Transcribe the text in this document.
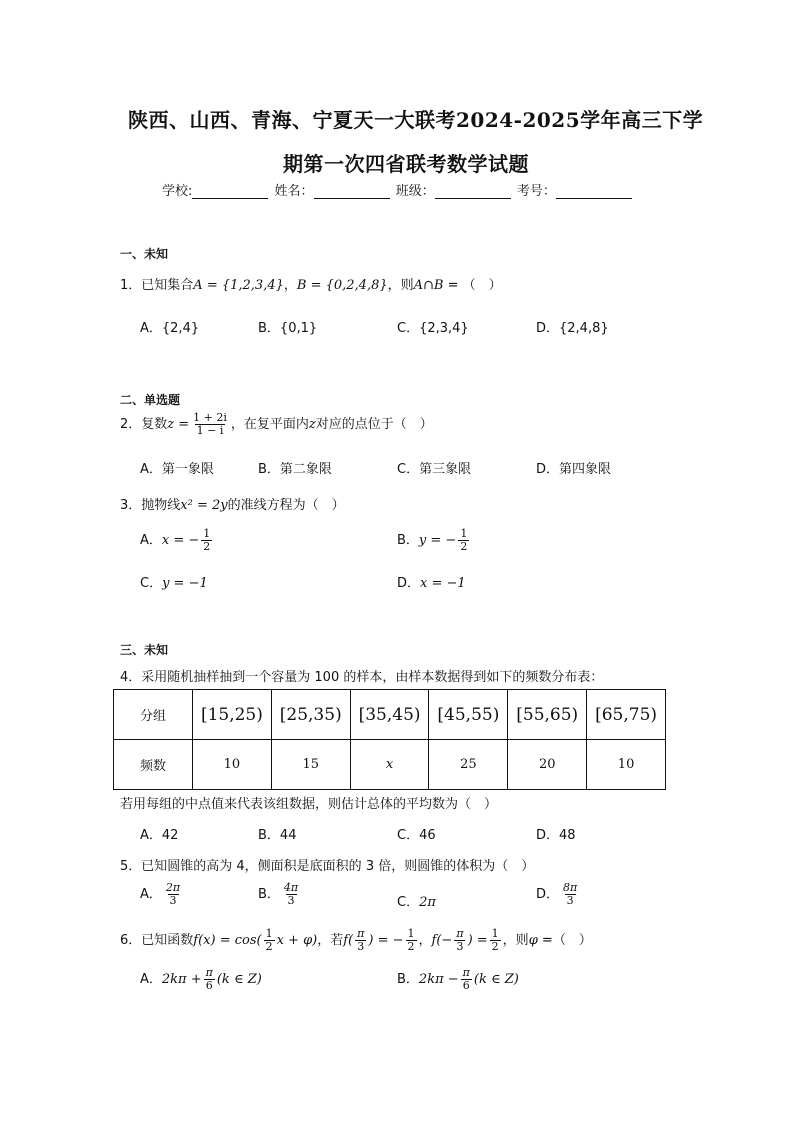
陕西、山西、青海、宁夏天一大联考2024-2025学年高三下学
期第一次四省联考数学试题
学校:	姓名：	班级：	考号：
一、未知
1．已知集合A = {1,2,3,4}，B = {0,2,4,8}，则A∩B = （　）
A．{2,4}	B．{0,1}	C．{2,3,4}	D．{2,4,8}
二、单选题
2．复数$z = \frac{1 + 2i}{1 - i}$ ，在复平面内z对应的点位于（　）
A．第一象限	B．第二象限	C．第三象限	D．第四象限
3．抛物线x² = 2y的准线方程为（　）
A．x = − $\frac{1}{2}$	B．y = − $\frac{1}{2}$
C．y = −1	D．x = −1
三、未知
4．采用随机抽样抽到一个容量为 100 的样本，由样本数据得到如下的频数分布表：
分组	[15,25)	[25,35)	[35,45)	[45,55)	[55,65)	[65,75)
频数	10	15	x	25	20	10
若用每组的中点值来代表该组数据，则估计总体的平均数为（　）
A．42	B．44	C．46	D．48
5．已知圆锥的高为 4，侧面积是底面积的 3 倍，则圆锥的体积为（　）
A． $\frac{2\pi}{3}$	B． $\frac{4\pi}{3}$	C．2π
D． $\frac{8\pi}{3}$
6．已知函数$f(x) = \cos( \frac{1}{2}$ x + φ)，若$f( \frac{\pi}{3}$ ) = − $\frac{1}{2}$ ，$f(- \frac{\pi}{3}$ ) = $\frac{1}{2}$ ，则φ =（　）
A．$2k\pi + \frac{\pi}{6} (k$ ∈ Z)	B．$2k\pi - \frac{\pi}{6} (k$ ∈ Z)
